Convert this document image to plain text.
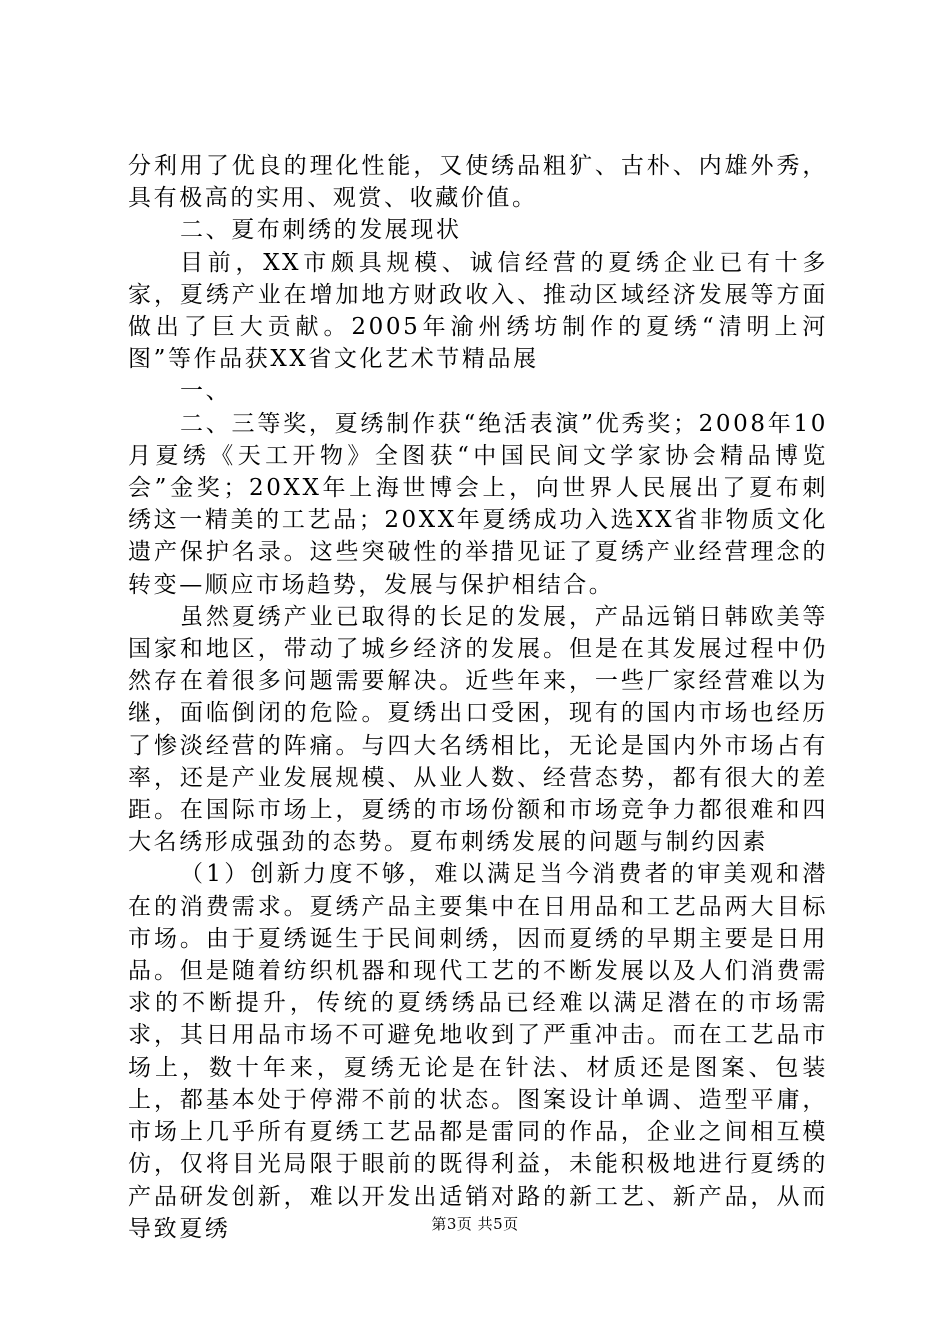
分利用了优良的理化性能，又使绣品粗犷、古朴、内雄外秀，具有极高的实用、观赏、收藏价值。

二、夏布刺绣的发展现状

目前，XX市颇具规模、诚信经营的夏绣企业已有十多家，夏绣产业在增加地方财政收入、推动区域经济发展等方面做出了巨大贡献。2005年渝州绣坊制作的夏绣“清明上河图”等作品获XX省文化艺术节精品展

一、

二、三等奖，夏绣制作获“绝活表演”优秀奖；2008年10月夏绣《天工开物》全图获“中国民间文学家协会精品博览会”金奖；20XX年上海世博会上，向世界人民展出了夏布刺绣这一精美的工艺品；20XX年夏绣成功入选XX省非物质文化遗产保护名录。这些突破性的举措见证了夏绣产业经营理念的转变—顺应市场趋势，发展与保护相结合。

虽然夏绣产业已取得的长足的发展，产品远销日韩欧美等国家和地区，带动了城乡经济的发展。但是在其发展过程中仍然存在着很多问题需要解决。近些年来，一些厂家经营难以为继，面临倒闭的危险。夏绣出口受困，现有的国内市场也经历了惨淡经营的阵痛。与四大名绣相比，无论是国内外市场占有率，还是产业发展规模、从业人数、经营态势，都有很大的差距。在国际市场上，夏绣的市场份额和市场竞争力都很难和四大名绣形成强劲的态势。夏布刺绣发展的问题与制约因素

（1）创新力度不够，难以满足当今消费者的审美观和潜在的消费需求。夏绣产品主要集中在日用品和工艺品两大目标市场。由于夏绣诞生于民间刺绣，因而夏绣的早期主要是日用品。但是随着纺织机器和现代工艺的不断发展以及人们消费需求的不断提升，传统的夏绣绣品已经难以满足潜在的市场需求，其日用品市场不可避免地收到了严重冲击。而在工艺品市场上，数十年来，夏绣无论是在针法、材质还是图案、包装上，都基本处于停滞不前的状态。图案设计单调、造型平庸，市场上几乎所有夏绣工艺品都是雷同的作品，企业之间相互模仿，仅将目光局限于眼前的既得利益，未能积极地进行夏绣的产品研发创新，难以开发出适销对路的新工艺、新产品，从而导致夏绣	第3页 共5页
